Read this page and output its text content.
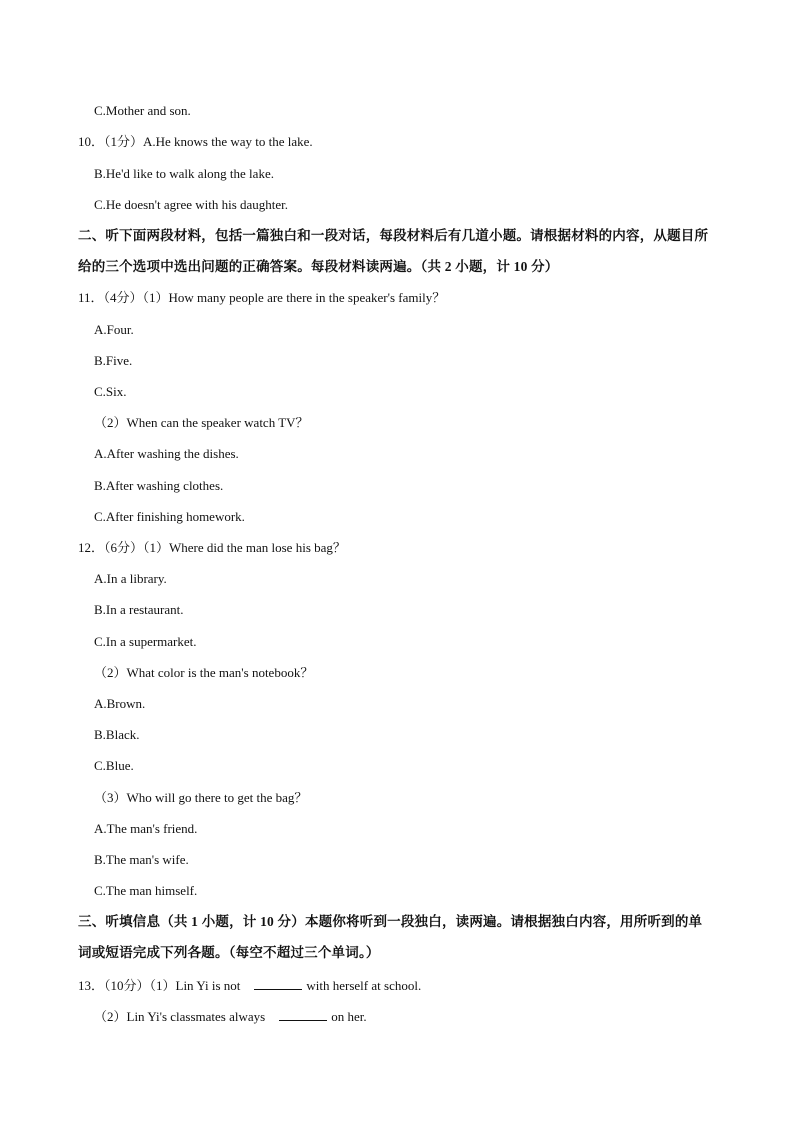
C.Mother and son.
10．（1分）A.He knows the way to the lake.
B.He'd like to walk along the lake.
C.He doesn't agree with his daughter.
二、听下面两段材料，包括一篇独白和一段对话，每段材料后有几道小题。请根据材料的内容，从题目所
给的三个选项中选出问题的正确答案。每段材料读两遍。（共 2 小题，计 10 分）
11．（4分）（1）How many people are there in the speaker's family？
A.Four.
B.Five.
C.Six.
（2）When can the speaker watch TV？
A.After washing the dishes.
B.After washing clothes.
C.After finishing homework.
12．（6分）（1）Where did the man lose his bag？
A.In a library.
B.In a restaurant.
C.In a supermarket.
（2）What color is the man's notebook？
A.Brown.
B.Black.
C.Blue.
（3）Who will go there to get the bag？
A.The man's friend.
B.The man's wife.
C.The man himself.
三、听填信息（共 1 小题，计 10 分）本题你将听到一段独白，读两遍。请根据独白内容，用所听到的单
词或短语完成下列各题。（每空不超过三个单词。）
13．（10分）（1）Lin Yi is not	with herself at school.
（2）Lin Yi's classmates always	on her.
